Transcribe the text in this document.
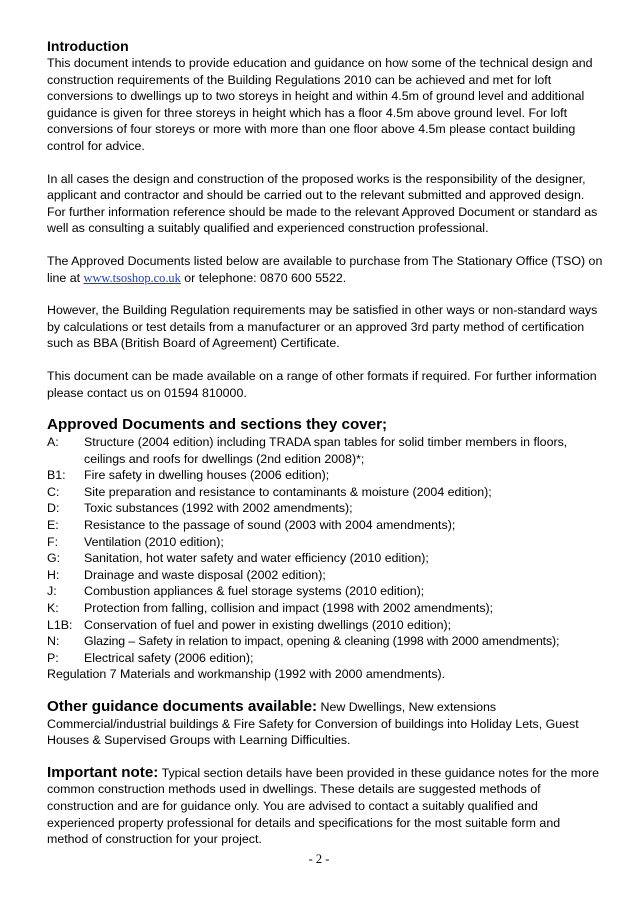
Introduction

This document intends to provide education and guidance on how some of the technical design and construction requirements of the Building Regulations 2010 can be achieved and met for loft conversions to dwellings up to two storeys in height and within 4.5m of ground level and additional guidance is given for three storeys in height which has a floor 4.5m above ground level. For loft conversions of four storeys or more with more than one floor above 4.5m please contact building control for advice.

In all cases the design and construction of the proposed works is the responsibility of the designer, applicant and contractor and should be carried out to the relevant submitted and approved design. For further information reference should be made to the relevant Approved Document or standard as well as consulting a suitably qualified and experienced construction professional.

The Approved Documents listed below are available to purchase from The Stationary Office (TSO) on line at www.tsoshop.co.uk or telephone: 0870 600 5522.

However, the Building Regulation requirements may be satisfied in other ways or non-standard ways by calculations or test details from a manufacturer or an approved 3rd party method of certification such as BBA (British Board of Agreement) Certificate.

This document can be made available on a range of other formats if required. For further information please contact us on 01594 810000.

Approved Documents and sections they cover;
A:	Structure (2004 edition) including TRADA span tables for solid timber members in floors, ceilings and roofs for dwellings (2nd edition 2008)*;
B1:	Fire safety in dwelling houses (2006 edition);
C:	Site preparation and resistance to contaminants & moisture (2004 edition);
D:	Toxic substances (1992 with 2002 amendments);
E:	Resistance to the passage of sound (2003 with 2004 amendments);
F:	Ventilation (2010 edition);
G:	Sanitation, hot water safety and water efficiency (2010 edition);
H:	Drainage and waste disposal (2002 edition);
J:	Combustion appliances & fuel storage systems (2010 edition);
K:	Protection from falling, collision and impact (1998 with 2002 amendments);
L1B: Conservation of fuel and power in existing dwellings (2010 edition);
N:	Glazing – Safety in relation to impact, opening & cleaning (1998 with 2000 amendments);
P:	Electrical safety (2006 edition);

Regulation 7 Materials and workmanship (1992 with 2000 amendments).

Other guidance documents available: New Dwellings, New extensions Commercial/industrial buildings & Fire Safety for Conversion of buildings into Holiday Lets, Guest Houses & Supervised Groups with Learning Difficulties.

Important note: Typical section details have been provided in these guidance notes for the more common construction methods used in dwellings. These details are suggested methods of construction and are for guidance only. You are advised to contact a suitably qualified and experienced property professional for details and specifications for the most suitable form and method of construction for your project.

- 2 -
